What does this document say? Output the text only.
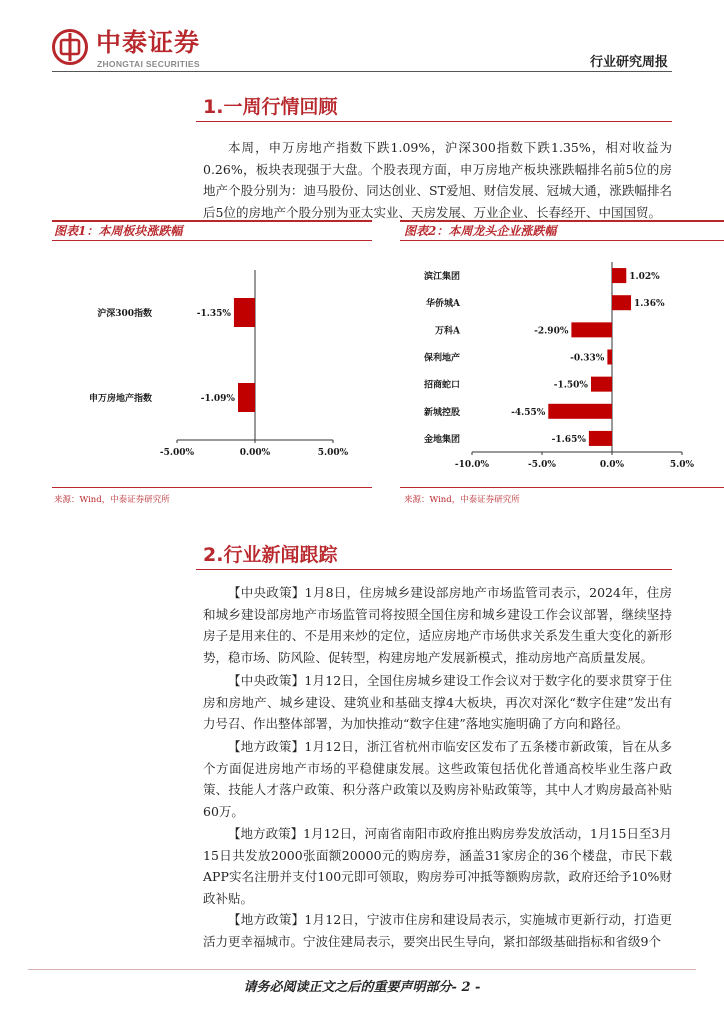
中泰证券
ZHONGTAI SECURITIES	行业研究周报
1.一周行情回顾
本周，申万房地产指数下跌1.09%，沪深300指数下跌1.35%，相对收益为0.26%，板块表现强于大盘。个股表现方面，申万房地产板块涨跌幅排名前5位的房地产个股分别为：迪马股份、同达创业、ST爱旭、财信发展、冠城大通，涨跌幅排名后5位的房地产个股分别为亚太实业、天房发展、万业企业、长春经开、中国国贸。
图表1：本周板块涨跌幅
-5.00%	0.00%	5.00%
沪深300指数	-1.35%
申万房地产指数	-1.09%
来源：Wind，中泰证券研究所
图表2：本周龙头企业涨跌幅
-10.0%	-5.0%	0.0%	5.0%
滨江集团	1.02%
华侨城A	1.36%
万科A	-2.90%
保利地产	-0.33%
招商蛇口	-1.50%
新城控股	-4.55%
金地集团	-1.65%
来源：Wind，中泰证券研究所
2.行业新闻跟踪
【中央政策】1月8日，住房城乡建设部房地产市场监管司表示，2024年，住房和城乡建设部房地产市场监管司将按照全国住房和城乡建设工作会议部署，继续坚持房子是用来住的、不是用来炒的定位，适应房地产市场供求关系发生重大变化的新形势，稳市场、防风险、促转型，构建房地产发展新模式，推动房地产高质量发展。
【中央政策】1月12日，全国住房城乡建设工作会议对于数字化的要求贯穿于住房和房地产、城乡建设、建筑业和基础支撑4大板块，再次对深化“数字住建”发出有力号召、作出整体部署，为加快推动“数字住建”落地实施明确了方向和路径。
【地方政策】1月12日，浙江省杭州市临安区发布了五条楼市新政策，旨在从多个方面促进房地产市场的平稳健康发展。这些政策包括优化普通高校毕业生落户政策、技能人才落户政策、积分落户政策以及购房补贴政策等，其中人才购房最高补贴60万。
【地方政策】1月12日，河南省南阳市政府推出购房券发放活动，1月15日至3月15日共发放2000张面额20000元的购房券，涵盖31家房企的36个楼盘，市民下载APP实名注册并支付100元即可领取，购房券可冲抵等额购房款，政府还给予10%财政补贴。
【地方政策】1月12日，宁波市住房和建设局表示，实施城市更新行动，打造更活力更幸福城市。宁波住建局表示，要突出民生导向，紧扣部级基础指标和省级9个
请务必阅读正文之后的重要声明部分- 2 -
